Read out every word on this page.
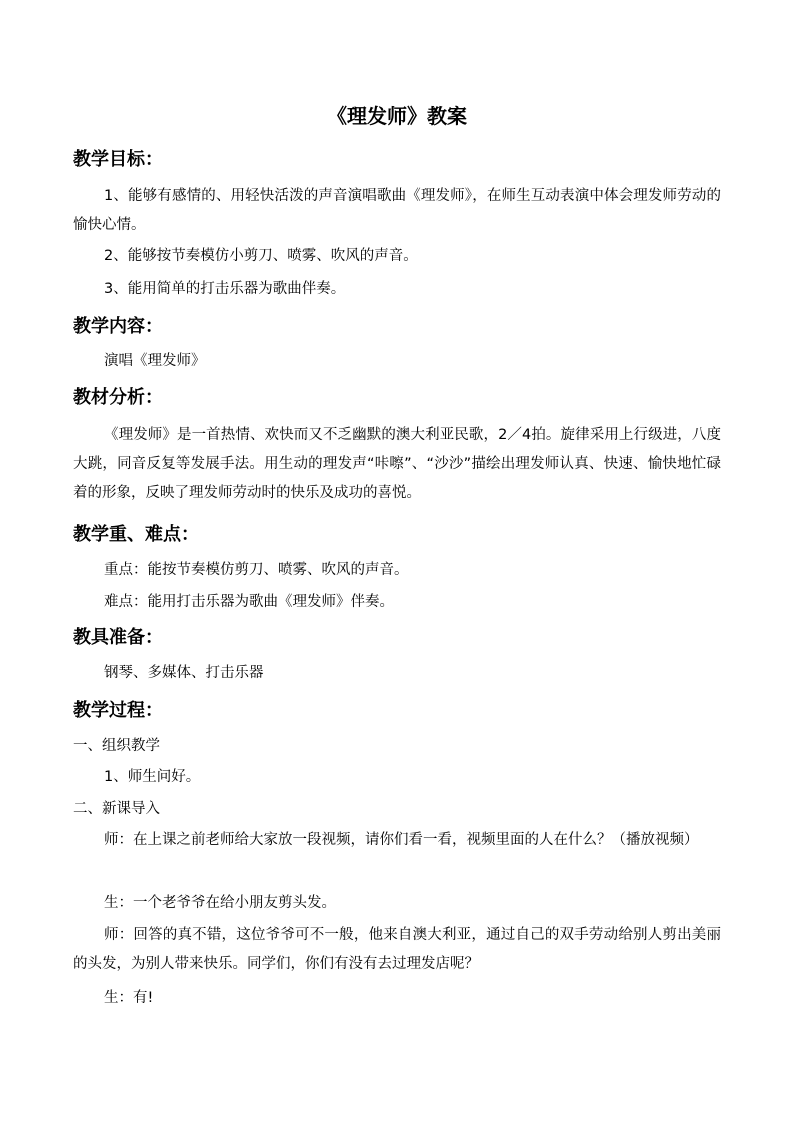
《理发师》教案
教学目标：
1、能够有感情的、用轻快活泼的声音演唱歌曲《理发师》，在师生互动表演中体会理发师劳动的愉快心情。
2、能够按节奏模仿小剪刀、喷雾、吹风的声音。
3、能用简单的打击乐器为歌曲伴奏。
教学内容：
演唱《理发师》
教材分析：
《理发师》是一首热情、欢快而又不乏幽默的澳大利亚民歌，2／4拍。旋律采用上行级进，八度大跳，同音反复等发展手法。用生动的理发声“咔嚓”、“沙沙”描绘出理发师认真、快速、愉快地忙碌着的形象，反映了理发师劳动时的快乐及成功的喜悦。
教学重、难点：
重点：能按节奏模仿剪刀、喷雾、吹风的声音。
难点：能用打击乐器为歌曲《理发师》伴奏。
教具准备：
钢琴、多媒体、打击乐器
教学过程：
一、组织教学
1、师生问好。
二、新课导入
师：在上课之前老师给大家放一段视频，请你们看一看，视频里面的人在什么？（播放视频）
生：一个老爷爷在给小朋友剪头发。
师：回答的真不错，这位爷爷可不一般，他来自澳大利亚，通过自己的双手劳动给别人剪出美丽的头发，为别人带来快乐。同学们，你们有没有去过理发店呢？
生：有!
